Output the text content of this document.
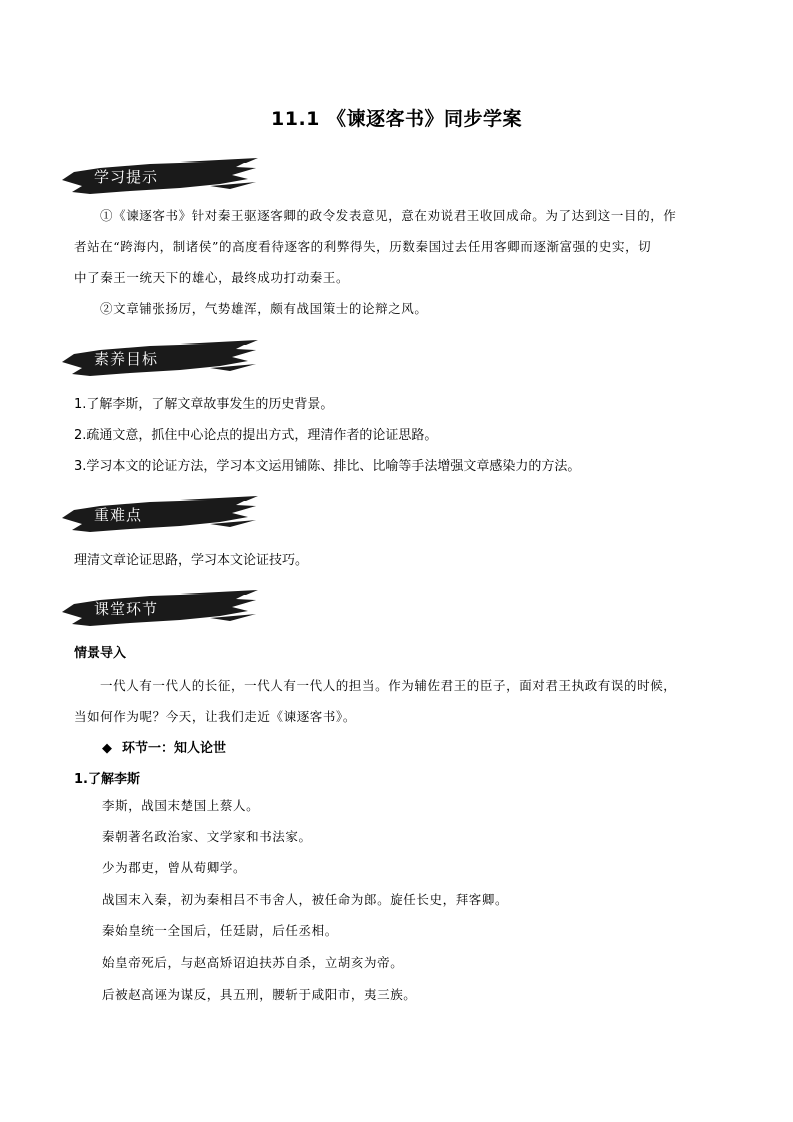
11.1 《谏逐客书》同步学案
学习提示
①《谏逐客书》针对秦王驱逐客卿的政令发表意见，意在劝说君王收回成命。为了达到这一目的，作
者站在“跨海内，制诸侯”的高度看待逐客的利弊得失，历数秦国过去任用客卿而逐渐富强的史实，切
中了秦王一统天下的雄心，最终成功打动秦王。
②文章铺张扬厉，气势雄浑，颇有战国策士的论辩之风。
素养目标
1.了解李斯，了解文章故事发生的历史背景。
2.疏通文意，抓住中心论点的提出方式，理清作者的论证思路。
3.学习本文的论证方法，学习本文运用铺陈、排比、比喻等手法增强文章感染力的方法。
重难点
理清文章论证思路，学习本文论证技巧。
课堂环节
情景导入
一代人有一代人的长征，一代人有一代人的担当。作为辅佐君王的臣子，面对君王执政有误的时候，
当如何作为呢？今天，让我们走近《谏逐客书》。
◆ 环节一：知人论世
1.了解李斯
李斯，战国末楚国上蔡人。
秦朝著名政治家、文学家和书法家。
少为郡吏，曾从荀卿学。
战国末入秦，初为秦相吕不韦舍人，被任命为郎。旋任长史，拜客卿。
秦始皇统一全国后，任廷尉，后任丞相。
始皇帝死后，与赵高矫诏迫扶苏自杀，立胡亥为帝。
后被赵高诬为谋反，具五刑，腰斩于咸阳市，夷三族。
